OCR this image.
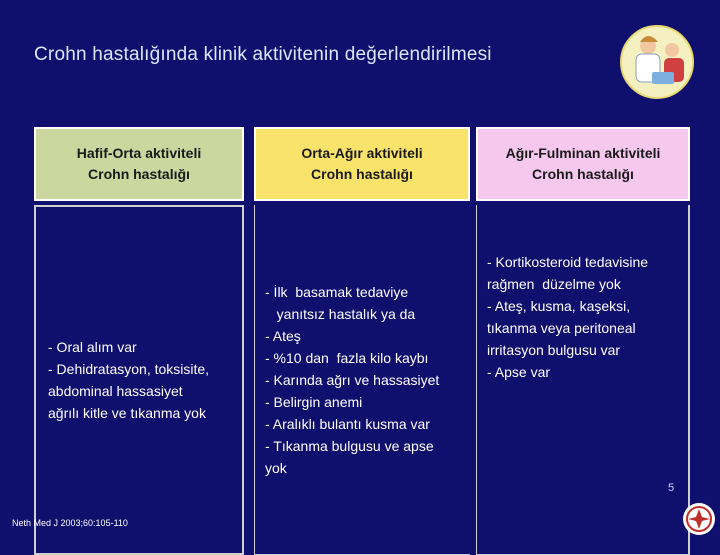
Crohn hastalığında klinik aktivitenin değerlendirilmesi
Hafif-Orta aktiviteli
Crohn hastalığı
- Oral alım var
- Dehidratasyon, toksisite,
abdominal hassasiyet
ağrılı kitle ve tıkanma yok
Orta-Ağır aktiviteli
Crohn hastalığı
- İlk  basamak tedaviye
yanıtsız hastalık ya da
- Ateş
- %10 dan  fazla kilo kaybı
- Karında ağrı ve hassasiyet
- Belirgin anemi
- Aralıklı bulantı kusma var
- Tıkanma bulgusu ve apse
yok
Ağır-Fulminan aktiviteli
Crohn hastalığı
- Kortikosteroid tedavisine
rağmen  düzelme yok
- Ateş, kusma, kaşeksi,
tıkanma veya peritoneal
irritasyon bulgusu var
- Apse var
Neth Med J 2003;60:105-110
5
